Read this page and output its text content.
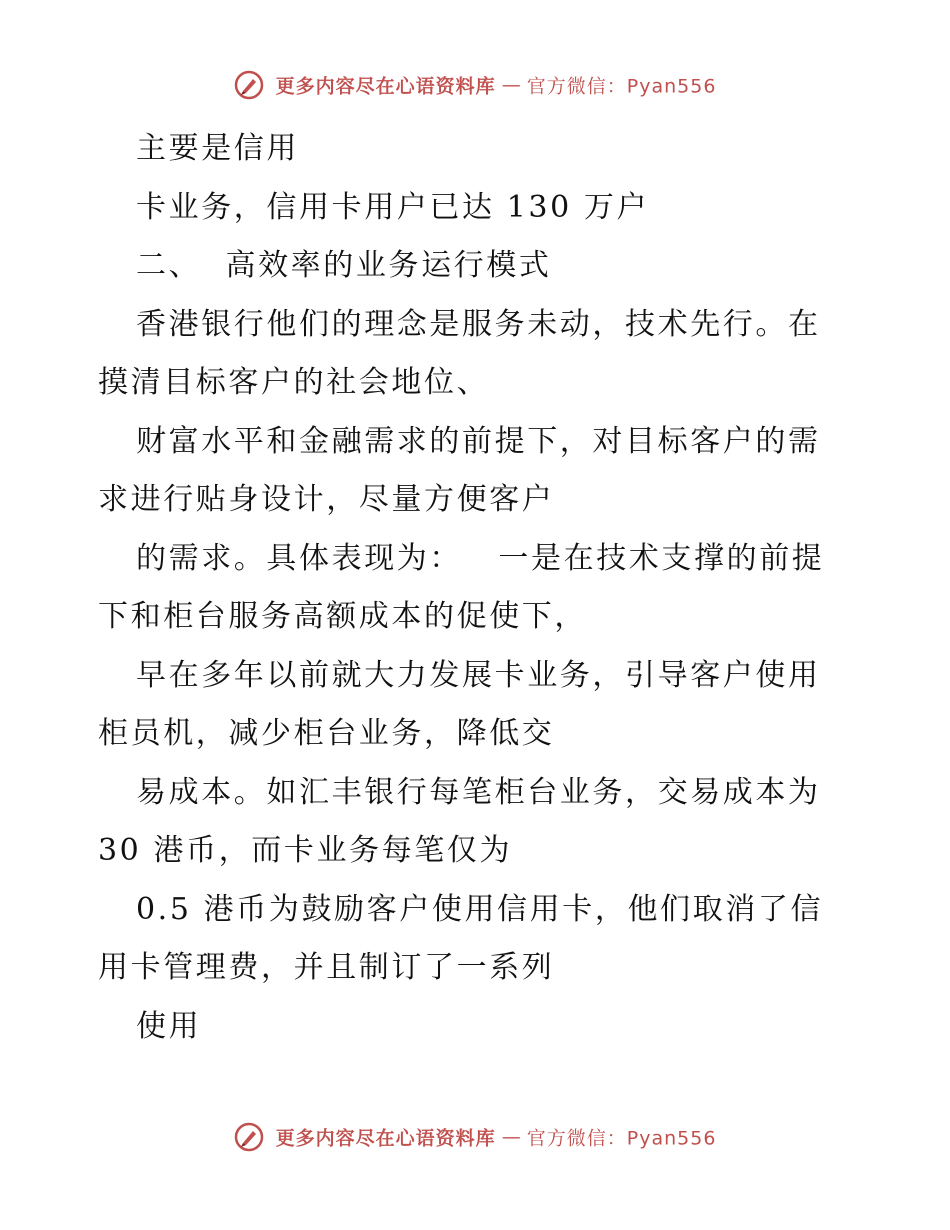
更多内容尽在心语资料库 — 官方微信：Pyan556
主要是信用
卡业务，信用卡用户已达 130 万户
二、  高效率的业务运行模式
香港银行他们的理念是服务未动，技术先行。在
摸清目标客户的社会地位、
财富水平和金融需求的前提下，对目标客户的需
求进行贴身设计，尽量方便客户
的需求。具体表现为：   一是在技术支撑的前提
下和柜台服务高额成本的促使下，
早在多年以前就大力发展卡业务，引导客户使用
柜员机，减少柜台业务，降低交
易成本。如汇丰银行每笔柜台业务，交易成本为
30 港币，而卡业务每笔仅为
0.5 港币为鼓励客户使用信用卡，他们取消了信
用卡管理费，并且制订了一系列
使用
更多内容尽在心语资料库 — 官方微信：Pyan556
